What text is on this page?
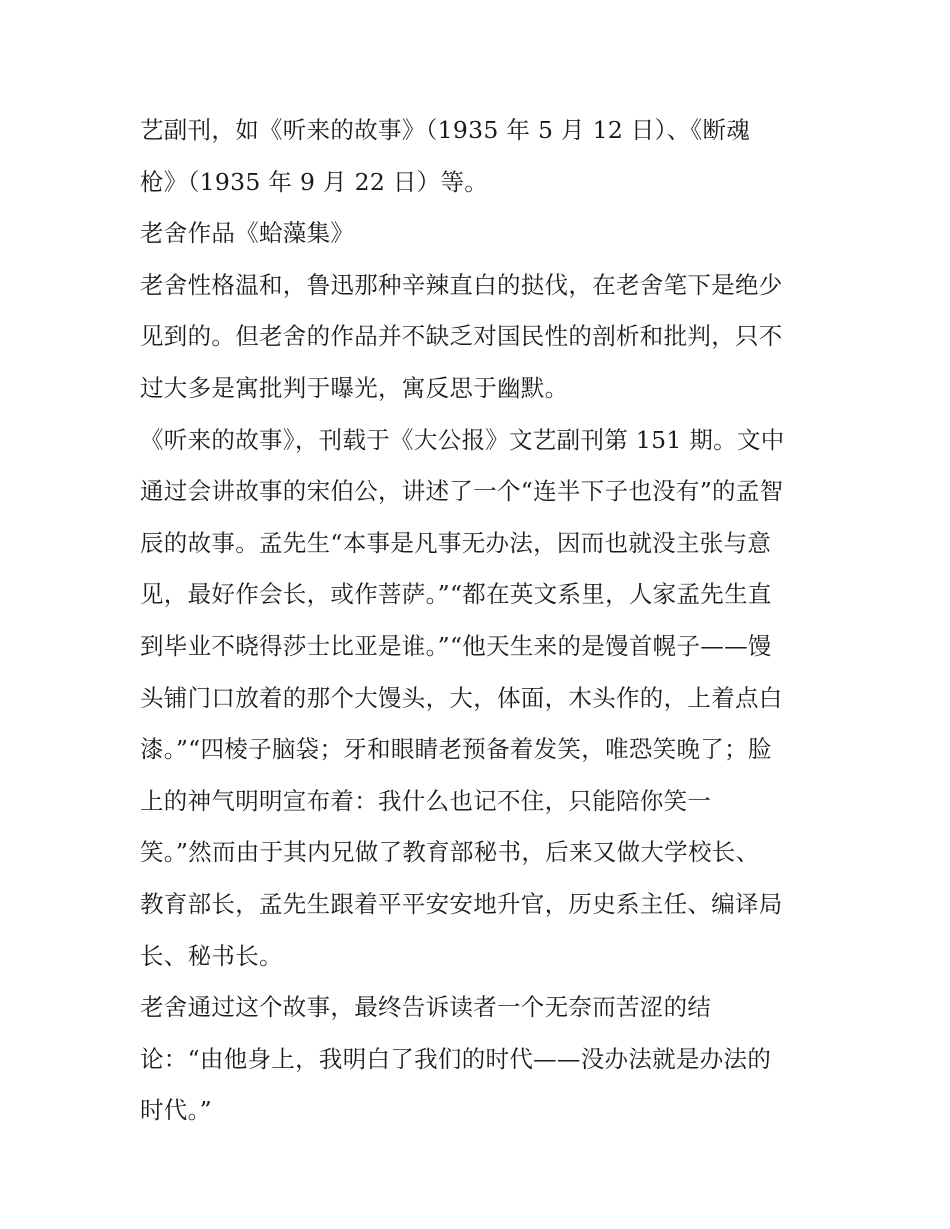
艺副刊，如《听来的故事》（1935 年 5 月 12 日）、《断魂
枪》（1935 年 9 月 22 日）等。
老舍作品《蛤藻集》
老舍性格温和，鲁迅那种辛辣直白的挞伐，在老舍笔下是绝少
见到的。但老舍的作品并不缺乏对国民性的剖析和批判，只不
过大多是寓批判于曝光，寓反思于幽默。
《听来的故事》，刊载于《大公报》文艺副刊第 151 期。文中
通过会讲故事的宋伯公，讲述了一个“连半下子也没有”的孟智
辰的故事。孟先生“本事是凡事无办法，因而也就没主张与意
见，最好作会长，或作菩萨。”“都在英文系里，人家孟先生直
到毕业不晓得莎士比亚是谁。”“他天生来的是馒首幌子——馒
头铺门口放着的那个大馒头，大，体面，木头作的，上着点白
漆。”“四棱子脑袋；牙和眼睛老预备着发笑，唯恐笑晚了；脸
上的神气明明宣布着：我什么也记不住，只能陪你笑一
笑。”然而由于其内兄做了教育部秘书，后来又做大学校长、
教育部长，孟先生跟着平平安安地升官，历史系主任、编译局
长、秘书长。
老舍通过这个故事，最终告诉读者一个无奈而苦涩的结
论：“由他身上，我明白了我们的时代——没办法就是办法的
时代。”
